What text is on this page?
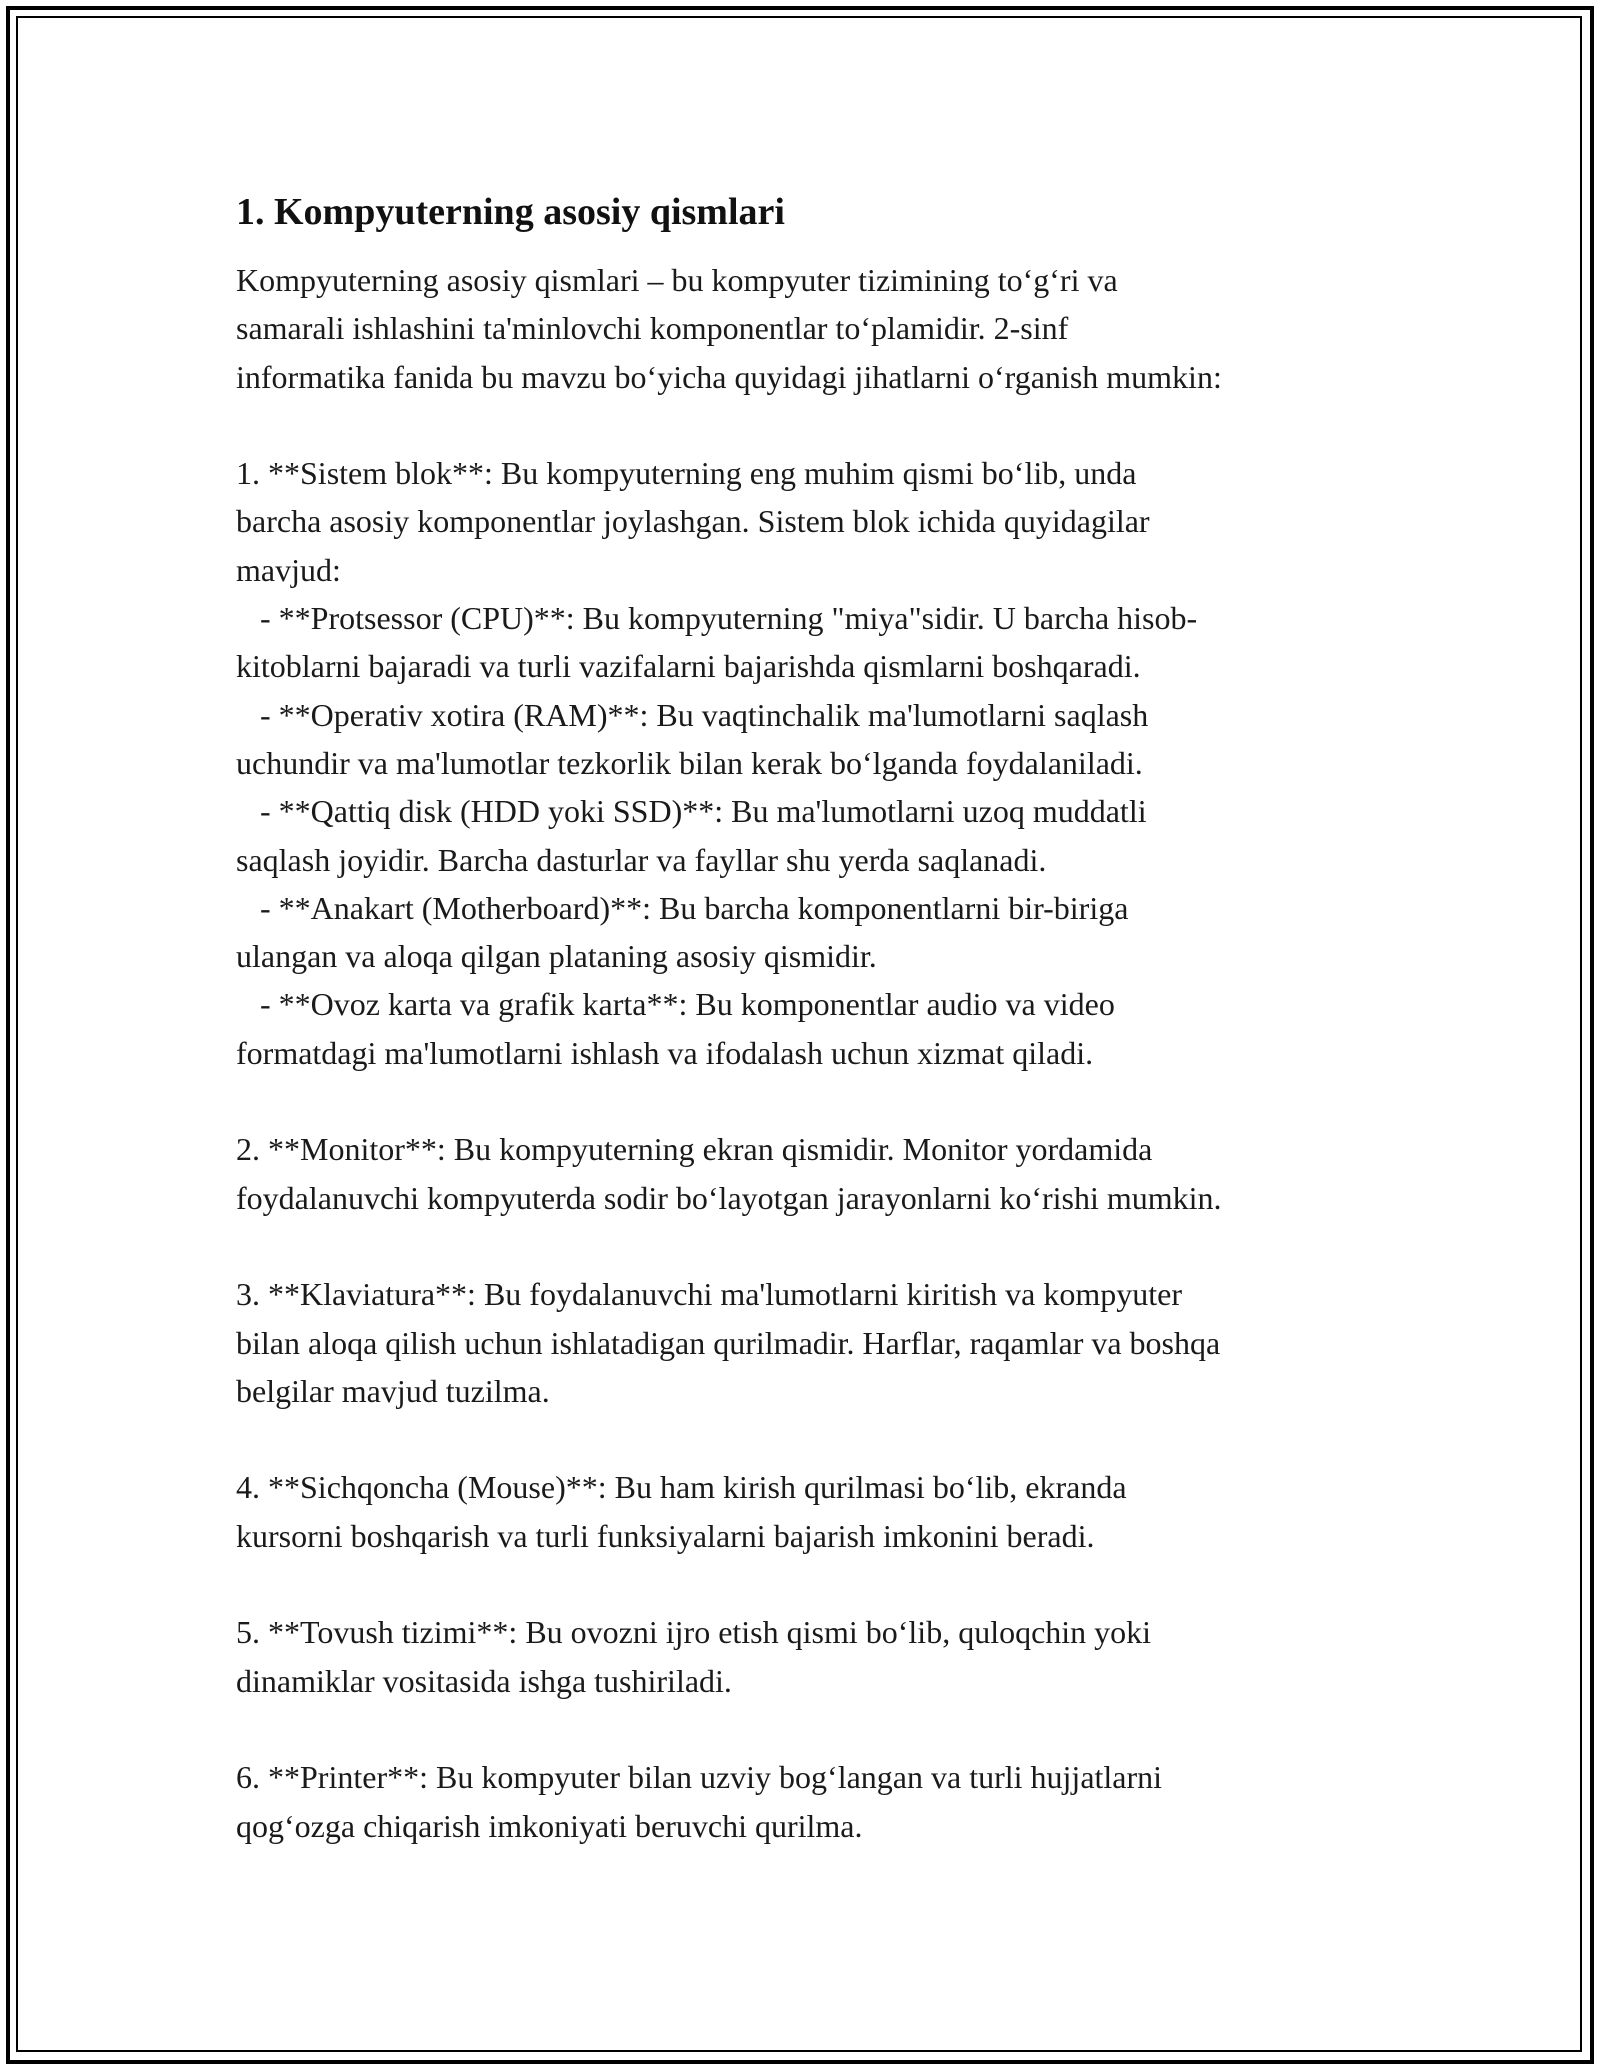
1. Kompyuterning asosiy qismlari

Kompyuterning asosiy qismlari – bu kompyuter tizimining to‘g‘ri va
samarali ishlashini ta'minlovchi komponentlar to‘plamidir. 2-sinf
informatika fanida bu mavzu bo‘yicha quyidagi jihatlarni o‘rganish mumkin:

1. **Sistem blok**: Bu kompyuterning eng muhim qismi bo‘lib, unda
barcha asosiy komponentlar joylashgan. Sistem blok ichida quyidagilar
mavjud:
- **Protsessor (CPU)**: Bu kompyuterning "miya"sidir. U barcha hisob-
kitoblarni bajaradi va turli vazifalarni bajarishda qismlarni boshqaradi.
- **Operativ xotira (RAM)**: Bu vaqtinchalik ma'lumotlarni saqlash
uchundir va ma'lumotlar tezkorlik bilan kerak bo‘lganda foydalaniladi.
- **Qattiq disk (HDD yoki SSD)**: Bu ma'lumotlarni uzoq muddatli
saqlash joyidir. Barcha dasturlar va fayllar shu yerda saqlanadi.
- **Anakart (Motherboard)**: Bu barcha komponentlarni bir-biriga
ulangan va aloqa qilgan plataning asosiy qismidir.
- **Ovoz karta va grafik karta**: Bu komponentlar audio va video
formatdagi ma'lumotlarni ishlash va ifodalash uchun xizmat qiladi.

2. **Monitor**: Bu kompyuterning ekran qismidir. Monitor yordamida
foydalanuvchi kompyuterda sodir bo‘layotgan jarayonlarni ko‘rishi mumkin.

3. **Klaviatura**: Bu foydalanuvchi ma'lumotlarni kiritish va kompyuter
bilan aloqa qilish uchun ishlatadigan qurilmadir. Harflar, raqamlar va boshqa
belgilar mavjud tuzilma.

4. **Sichqoncha (Mouse)**: Bu ham kirish qurilmasi bo‘lib, ekranda
kursorni boshqarish va turli funksiyalarni bajarish imkonini beradi.

5. **Tovush tizimi**: Bu ovozni ijro etish qismi bo‘lib, quloqchin yoki
dinamiklar vositasida ishga tushiriladi.

6. **Printer**: Bu kompyuter bilan uzviy bog‘langan va turli hujjatlarni
qog‘ozga chiqarish imkoniyati beruvchi qurilma.
